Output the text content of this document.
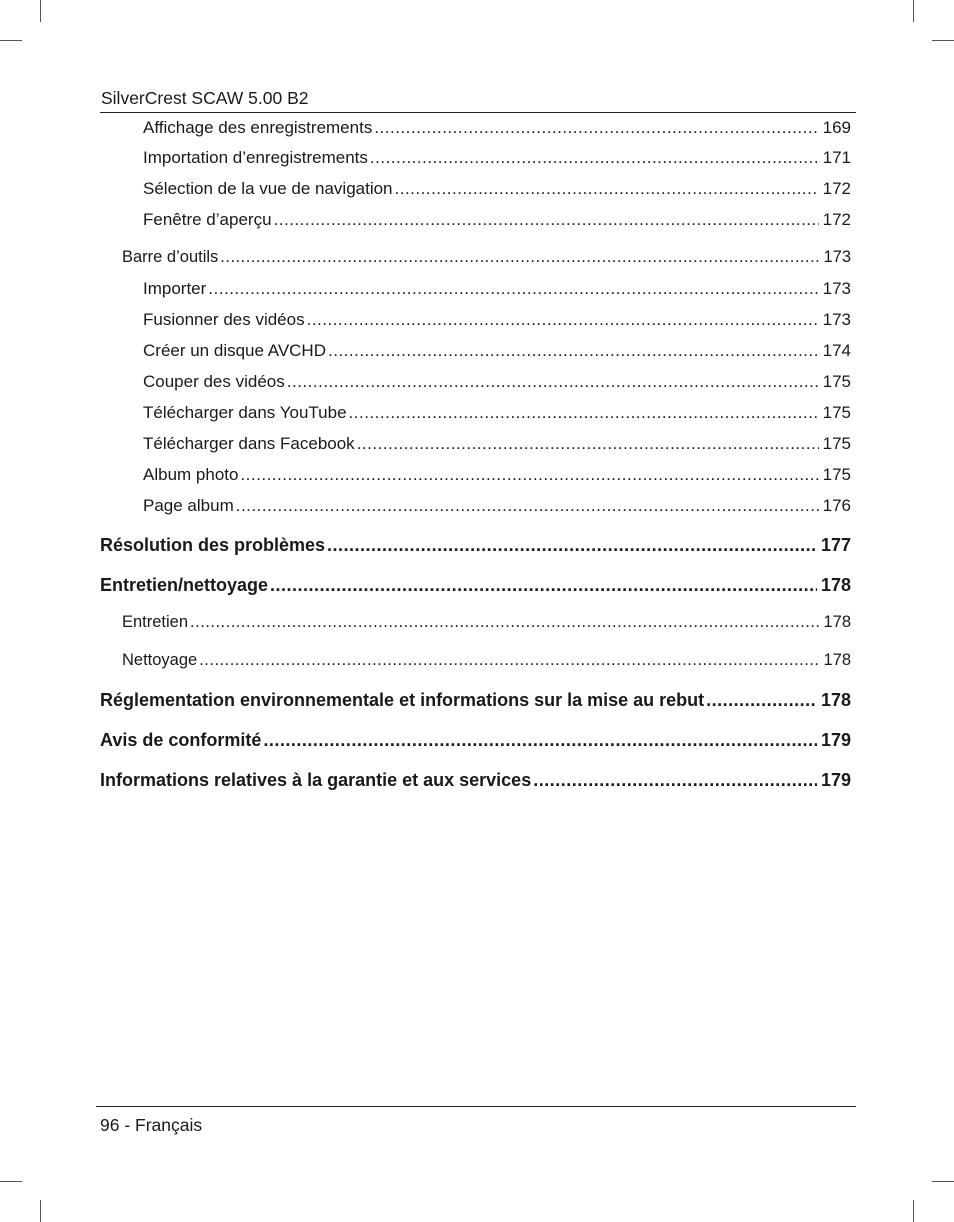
SilverCrest SCAW 5.00 B2
Affichage des enregistrements .....	169
Importation d’enregistrements .....	171
Sélection de la vue de navigation .....	172
Fenêtre d’aperçu .....	172
Barre d’outils .....	173
Importer .....	173
Fusionner des vidéos .....	173
Créer un disque AVCHD .....	174
Couper des vidéos .....	175
Télécharger dans YouTube .....	175
Télécharger dans Facebook .....	175
Album photo .....	175
Page album .....	176
Résolution des problèmes .....	177
Entretien/nettoyage .....	178
Entretien .....	178
Nettoyage .....	178
Réglementation environnementale et informations sur la mise au rebut .....	178
Avis de conformité .....	179
Informations relatives à la garantie et aux services .....	179
96 - Français
